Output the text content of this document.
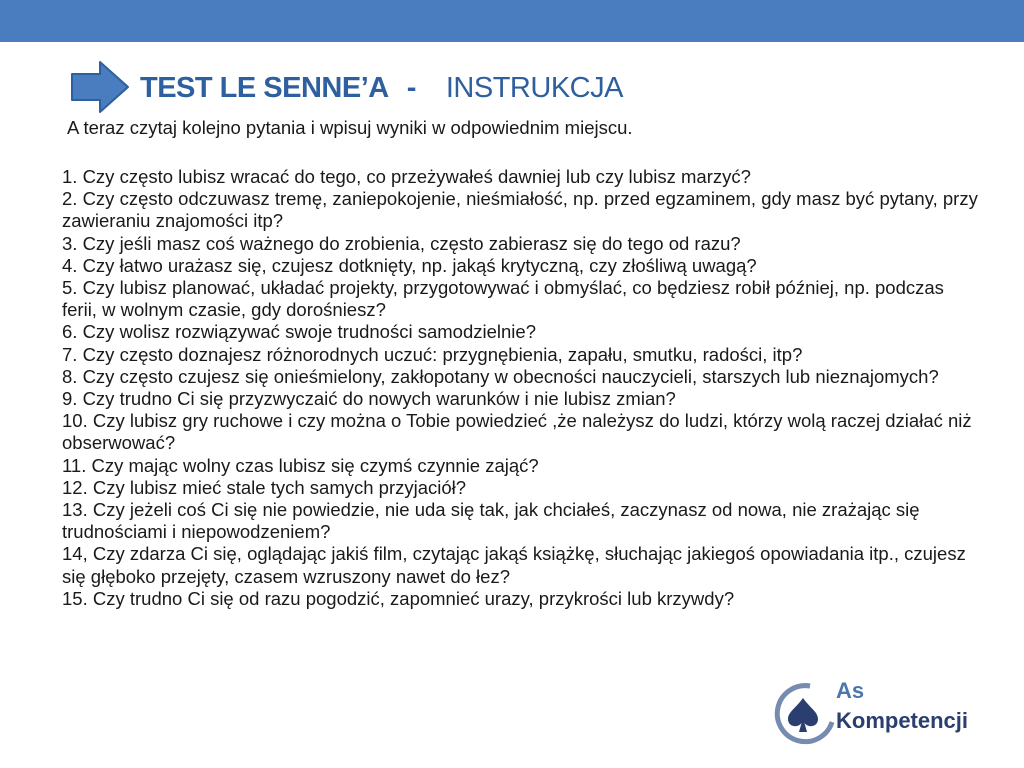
TEST LE SENNE’A - INSTRUKCJA
A teraz czytaj kolejno pytania i wpisuj wyniki w odpowiednim miejscu.
1. Czy często lubisz wracać do tego, co przeżywałeś dawniej lub czy lubisz marzyć?
2. Czy często odczuwasz tremę, zaniepokojenie, nieśmiałość, np. przed egzaminem, gdy masz być pytany, przy zawieraniu znajomości itp?
3. Czy jeśli masz coś ważnego do zrobienia, często zabierasz się do tego od razu?
4. Czy łatwo urażasz się, czujesz dotknięty, np. jakąś krytyczną, czy złośliwą uwagą?
5. Czy lubisz planować, układać projekty, przygotowywać i obmyślać, co będziesz robił później, np. podczas ferii, w wolnym czasie, gdy dorośniesz?
6. Czy wolisz rozwiązywać swoje trudności samodzielnie?
7. Czy często doznajesz różnorodnych uczuć: przygnębienia, zapału, smutku, radości, itp?
8. Czy często czujesz się onieśmielony, zakłopotany w obecności nauczycieli, starszych lub nieznajomych?
9. Czy trudno Ci się przyzwyczaić do nowych warunków i nie lubisz zmian?
10. Czy lubisz gry ruchowe i czy można o Tobie powiedzieć ,że należysz do ludzi, którzy wolą raczej działać niż obserwować?
11. Czy mając wolny czas lubisz się czymś czynnie zająć?
12. Czy lubisz mieć stale tych samych przyjaciół?
13. Czy jeżeli coś Ci się nie powiedzie, nie uda się tak, jak chciałeś, zaczynasz od nowa, nie zrażając się trudnościami i niepowodzeniem?
14, Czy zdarza Ci się, oglądając jakiś film, czytając jakąś książkę, słuchając jakiegoś opowiadania itp., czujesz się głęboko przejęty, czasem wzruszony nawet do łez?
15. Czy trudno Ci się od razu pogodzić, zapomnieć urazy, przykrości lub krzywdy?
As
Kompetencji
